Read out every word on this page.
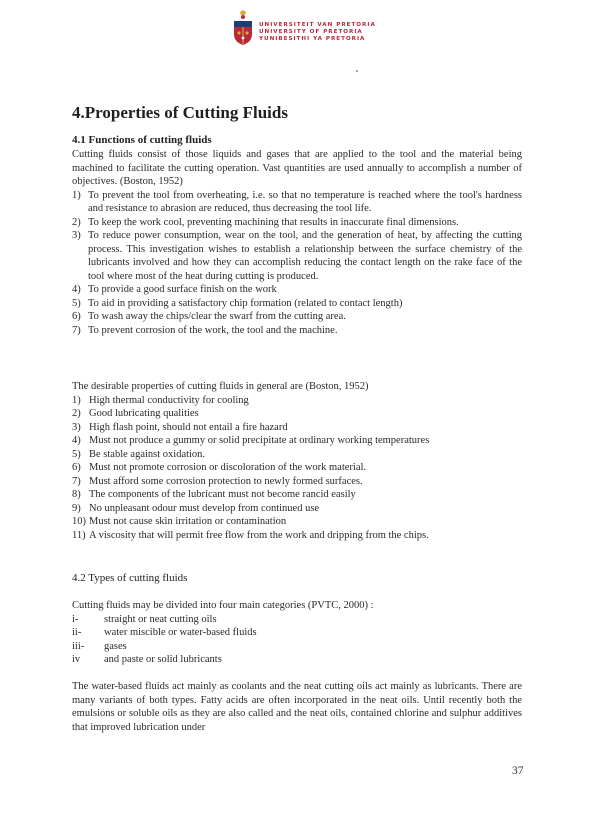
UNIVERSITEIT VAN PRETORIA
UNIVERSITY OF PRETORIA
YUNIBESITHI YA PRETORIA
4.Properties of Cutting Fluids
4.1 Functions of cutting fluids

Cutting fluids consist of those liquids and gases that are applied to the tool and the material being machined to facilitate the cutting operation. Vast quantities are used annually to accomplish a number of objectives. (Boston, 1952)

1) To prevent the tool from overheating, i.e. so that no temperature is reached where the tool's hardness and resistance to abrasion are reduced, thus decreasing the tool life.
2) To keep the work cool, preventing machining that results in inaccurate final dimensions.
3) To reduce power consumption, wear on the tool, and the generation of heat, by affecting the cutting process. This investigation wishes to establish a relationship between the surface chemistry of the lubricants involved and how they can accomplish reducing the contact length on the rake face of the tool where most of the heat during cutting is produced.
4) To provide a good surface finish on the work
5) To aid in providing a satisfactory chip formation (related to contact length)
6) To wash away the chips/clear the swarf from the cutting area.
7) To prevent corrosion of the work, the tool and the machine.

The desirable properties of cutting fluids in general are (Boston, 1952)

1) High thermal conductivity for cooling
2) Good lubricating qualities
3) High flash point, should not entail a fire hazard
4) Must not produce a gummy or solid precipitate at ordinary working temperatures
5) Be stable against oxidation.
6) Must not promote corrosion or discoloration of the work material.
7) Must afford some corrosion protection to newly formed surfaces.
8) The components of the lubricant must not become rancid easily
9) No unpleasant odour must develop from continued use
10) Must not cause skin irritation or contamination
11) A viscosity that will permit free flow from the work and dripping from the chips.
4.2 Types of cutting fluids

Cutting fluids may be divided into four main categories (PVTC, 2000) :

i- straight or neat cutting oils
ii- water miscible or water-based fluids
iii- gases
iv and paste or solid lubricants

The water-based fluids act mainly as coolants and the neat cutting oils act mainly as lubricants. There are many variants of both types. Fatty acids are often incorporated in the neat oils. Until recently both the emulsions or soluble oils as they are also called and the neat oils, contained chlorine and sulphur additives that improved lubrication under

37
